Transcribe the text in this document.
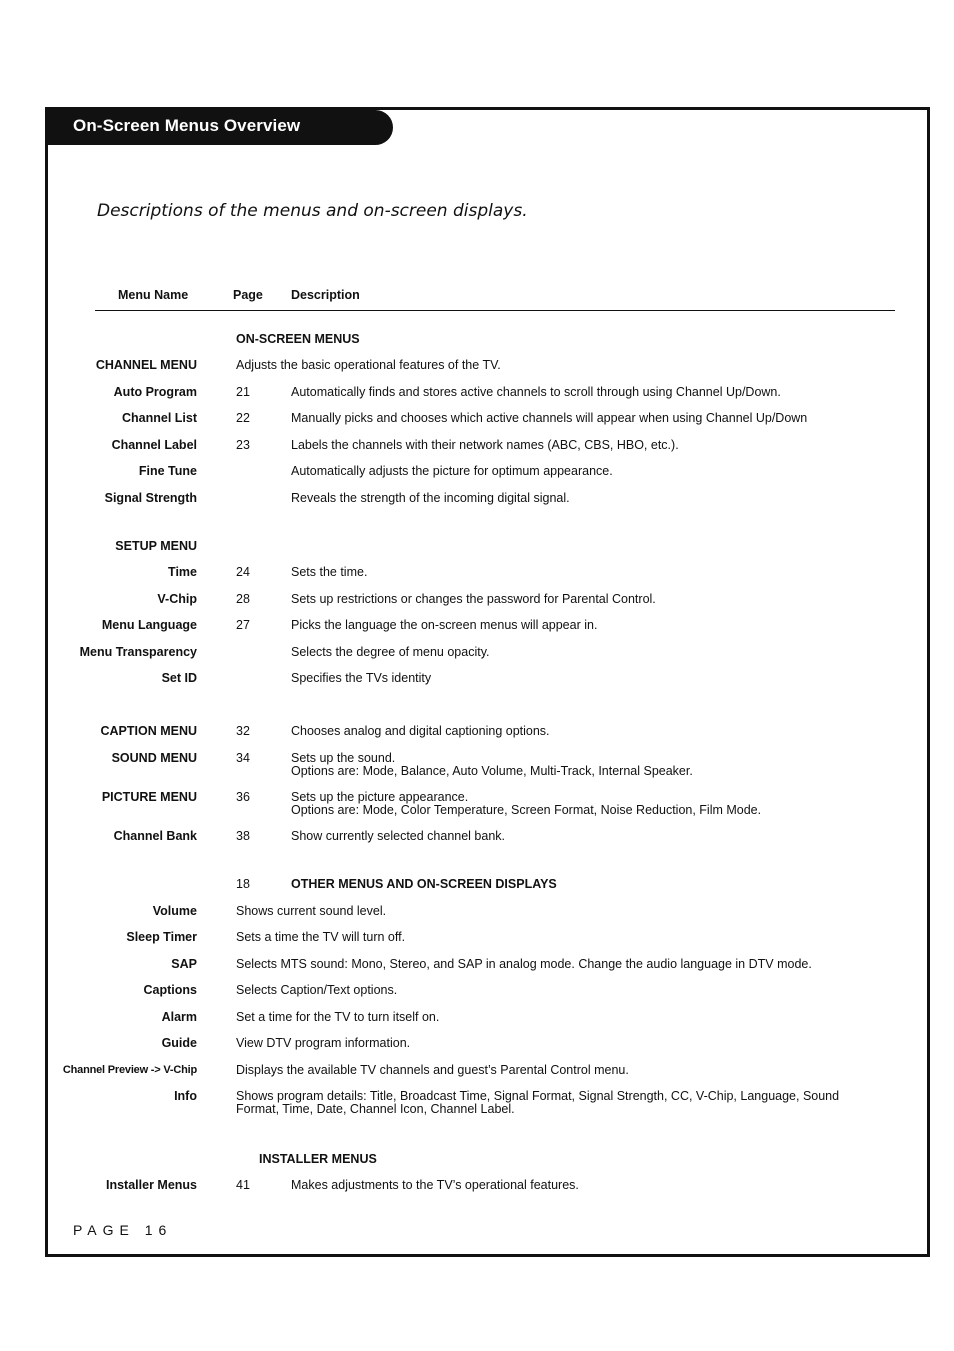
On-Screen Menus Overview
Descriptions of the menus and on-screen displays.
Menu Name	Page Description
ON-SCREEN MENUS
CHANNEL MENU	Adjusts the basic operational features of the TV.
Auto Program	21	Automatically finds and stores active channels to scroll through using Channel Up/Down.
Channel List	22	Manually picks and chooses which active channels will appear when using Channel Up/Down
Channel Label	23	Labels the channels with their network names (ABC, CBS, HBO, etc.).
Fine Tune	Automatically adjusts the picture for optimum appearance.
Signal Strength	Reveals the strength of the incoming digital signal.
SETUP MENU
Time	24	Sets the time.
V-Chip	28	Sets up restrictions or changes the password for Parental Control.
Menu Language	27	Picks the language the on-screen menus will appear in.
Menu Transparency	Selects the degree of menu opacity.
Set ID	Specifies the TVs identity
CAPTION MENU	32	Chooses analog and digital captioning options.
SOUND MENU	34	Sets up the sound.
Options are: Mode, Balance, Auto Volume, Multi-Track, Internal Speaker.
PICTURE MENU	36	Sets up the picture appearance.
Options are: Mode, Color Temperature, Screen Format, Noise Reduction, Film Mode.
Channel Bank	38	Show currently selected channel bank.
18	OTHER MENUS AND ON-SCREEN DISPLAYS
Volume	Shows current sound level.
Sleep Timer	Sets a time the TV will turn off.
SAP	Selects MTS sound: Mono, Stereo, and SAP in analog mode. Change the audio language in DTV mode.
Captions	Selects Caption/Text options.
Alarm	Set a time for the TV to turn itself on.
Guide	View DTV program information.
Channel Preview -> V-Chip	Displays the available TV channels and guest’s Parental Control menu.
Info	Shows program details: Title, Broadcast Time, Signal Format, Signal Strength, CC, V-Chip, Language, Sound
Format, Time, Date, Channel Icon, Channel Label.
INSTALLER MENUS
Installer Menus	41	Makes adjustments to the TV’s operational features.
PAGE 16
